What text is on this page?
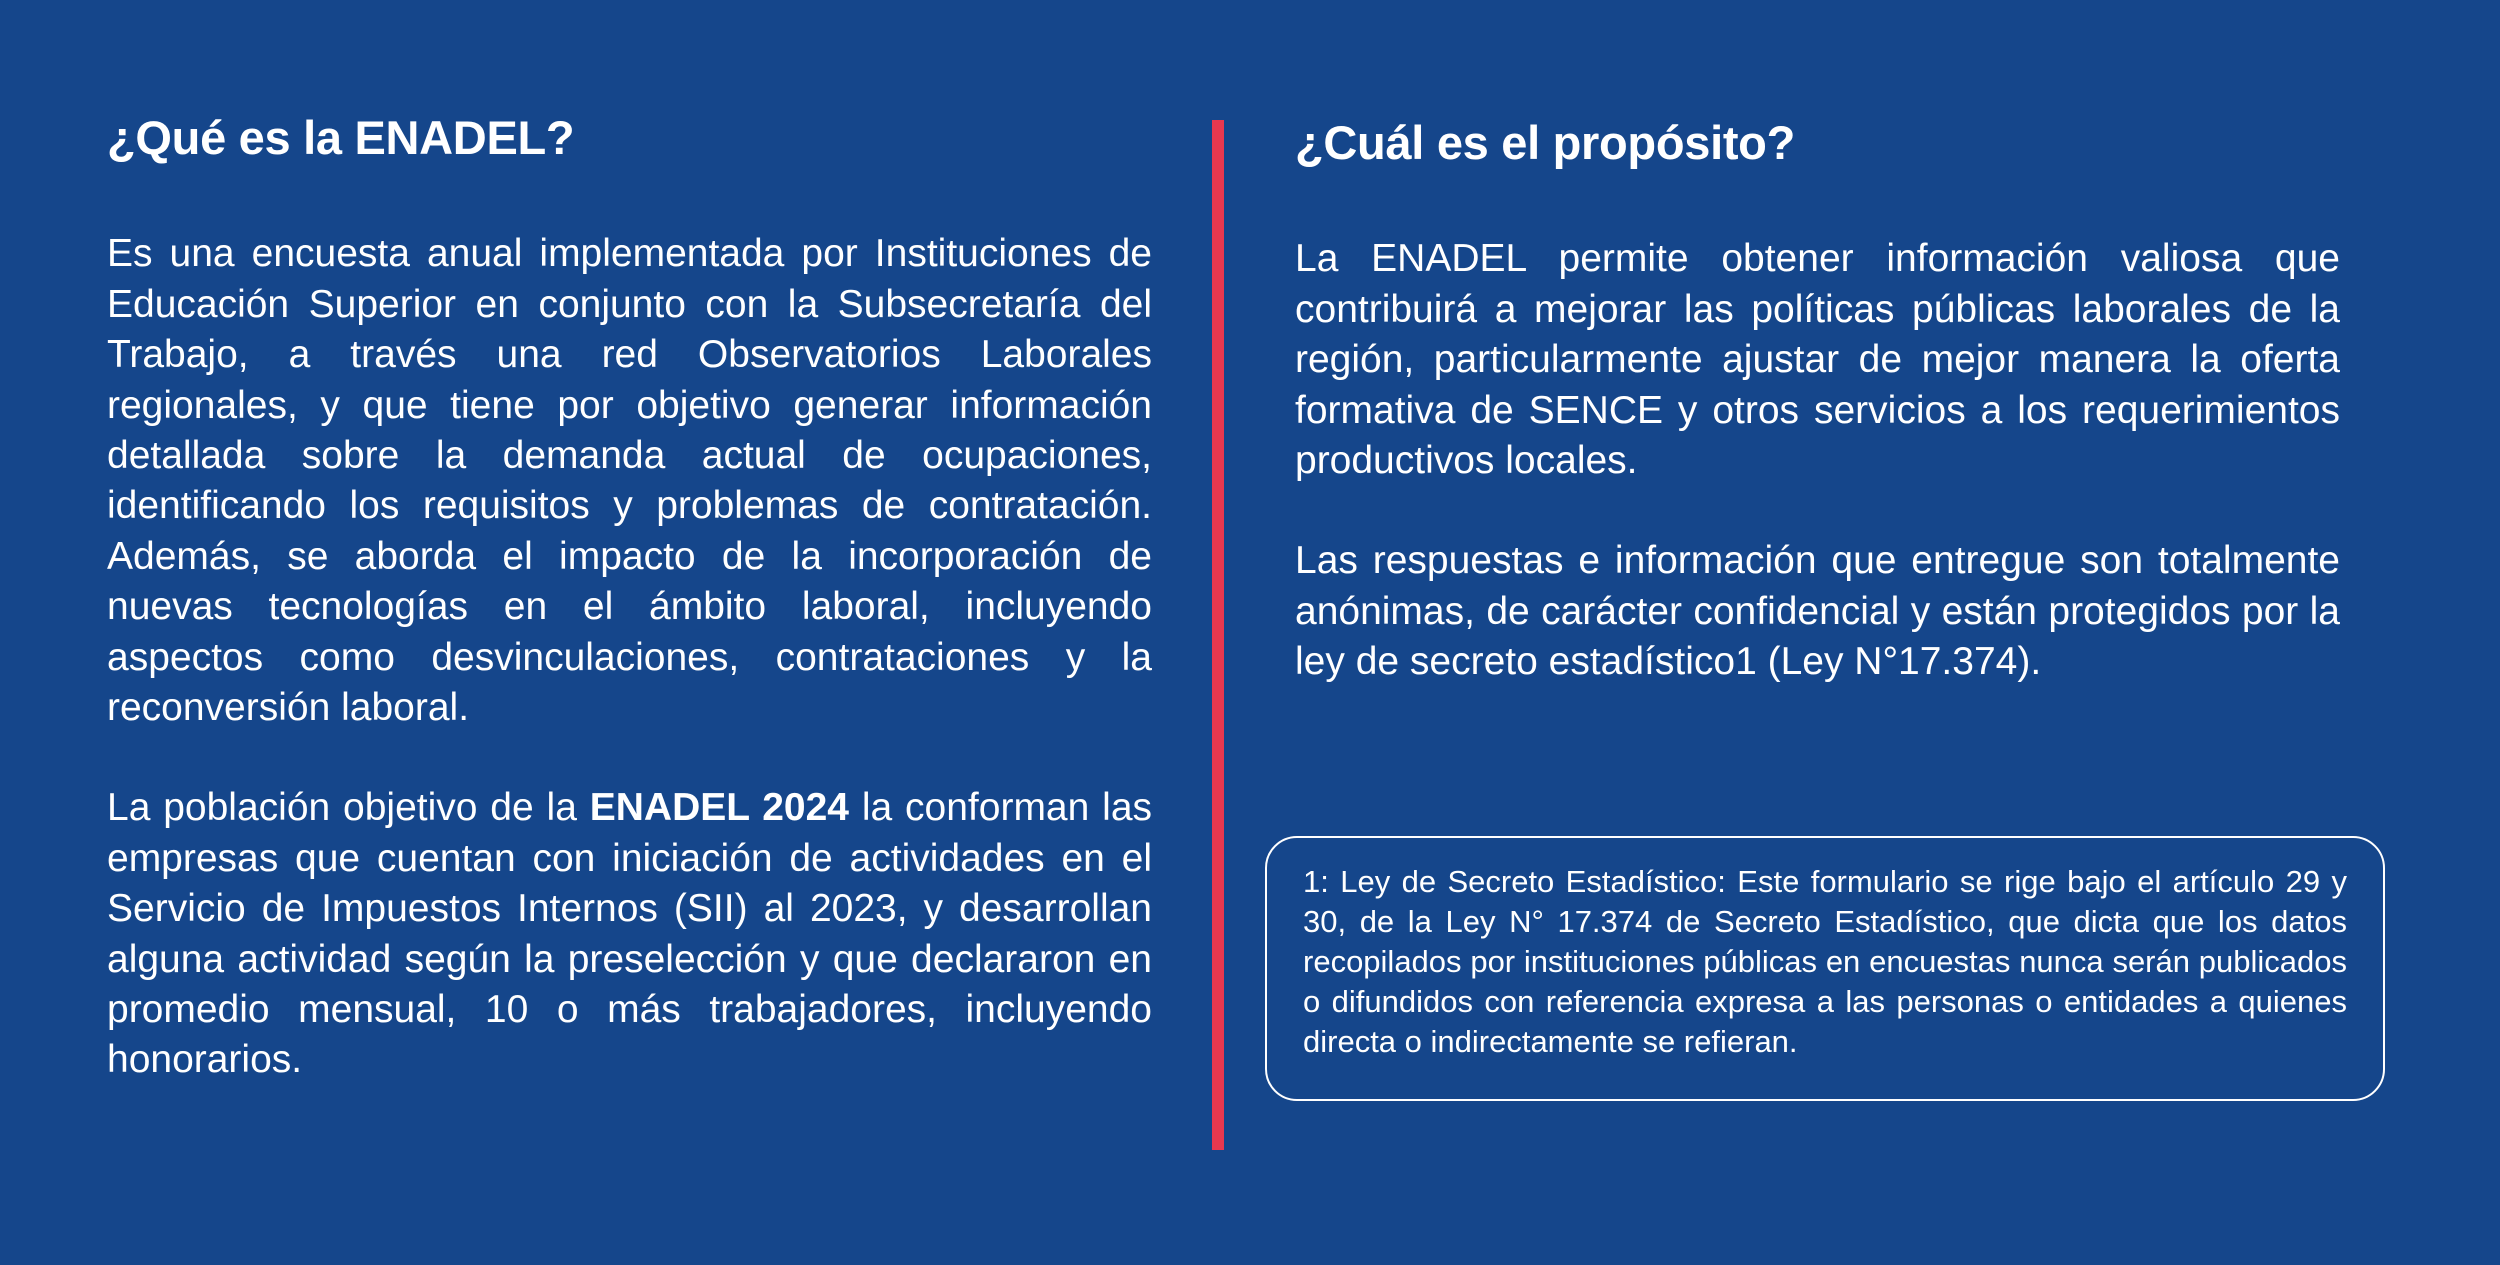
¿Qué es la ENADEL?

Es una encuesta anual implementada por Instituciones de Educación Superior en conjunto con la Subsecretaría del Trabajo, a través una red Observatorios Laborales regionales, y que tiene por objetivo generar información detallada sobre la demanda actual de ocupaciones, identificando los requisitos y problemas de contratación. Además, se aborda el impacto de la incorporación de nuevas tecnologías en el ámbito laboral, incluyendo aspectos como desvinculaciones, contrataciones y la reconversión laboral.

La población objetivo de la ENADEL 2024 la conforman las empresas que cuentan con iniciación de actividades en el Servicio de Impuestos Internos (SII) al 2023, y desarrollan alguna actividad según la preselección y que declararon en promedio mensual, 10 o más trabajadores, incluyendo honorarios.

¿Cuál es el propósito?

La ENADEL permite obtener información valiosa que contribuirá a mejorar las políticas públicas laborales de la región, particularmente ajustar de mejor manera la oferta formativa de SENCE y otros servicios a los requerimientos productivos locales.

Las respuestas e información que entregue son totalmente anónimas, de carácter confidencial y están protegidos por la ley de secreto estadístico1 (Ley N°17.374).

1: Ley de Secreto Estadístico: Este formulario se rige bajo el artículo 29 y 30, de la Ley N° 17.374 de Secreto Estadístico, que dicta que los datos recopilados por instituciones públicas en encuestas nunca serán publicados o difundidos con referencia expresa a las personas o entidades a quienes directa o indirectamente se refieran.
